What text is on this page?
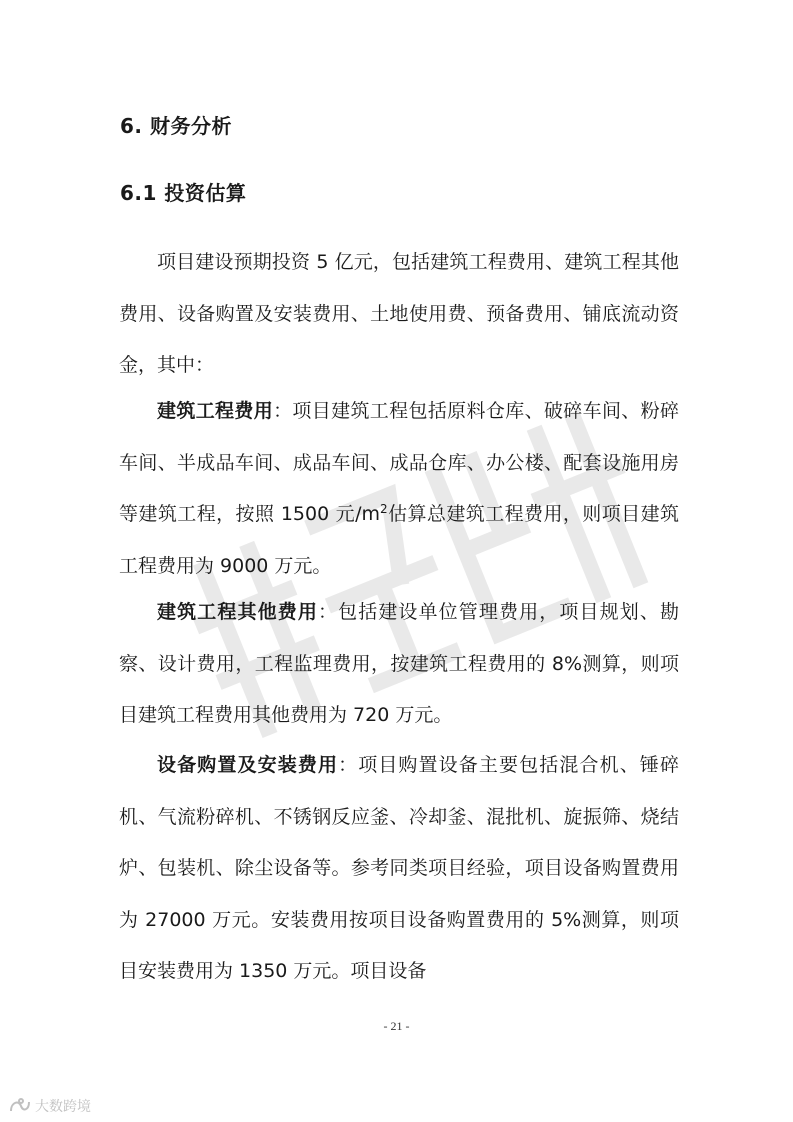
6. 财务分析
6.1 投资估算

项目建设预期投资 5 亿元，包括建筑工程费用、建筑工程其他费用、设备购置及安装费用、土地使用费、预备费用、铺底流动资金，其中：

建筑工程费用：项目建筑工程包括原料仓库、破碎车间、粉碎车间、半成品车间、成品车间、成品仓库、办公楼、配套设施用房等建筑工程，按照 1500 元$/m^2$估算总建筑工程费用，则项目建筑工程费用为 9000 万元。

建筑工程其他费用：包括建设单位管理费用，项目规划、勘察、设计费用，工程监理费用，按建筑工程费用的 8%测算，则项目建筑工程费用其他费用为 720 万元。

设备购置及安装费用：项目购置设备主要包括混合机、锤碎机、气流粉碎机、不锈钢反应釜、冷却釜、混批机、旋振筛、烧结炉、包装机、除尘设备等。参考同类项目经验，项目设备购置费用为 27000 万元。安装费用按项目设备购置费用的 5%测算，则项目安装费用为 1350 万元。项目设备

- 21 -
大数跨境
